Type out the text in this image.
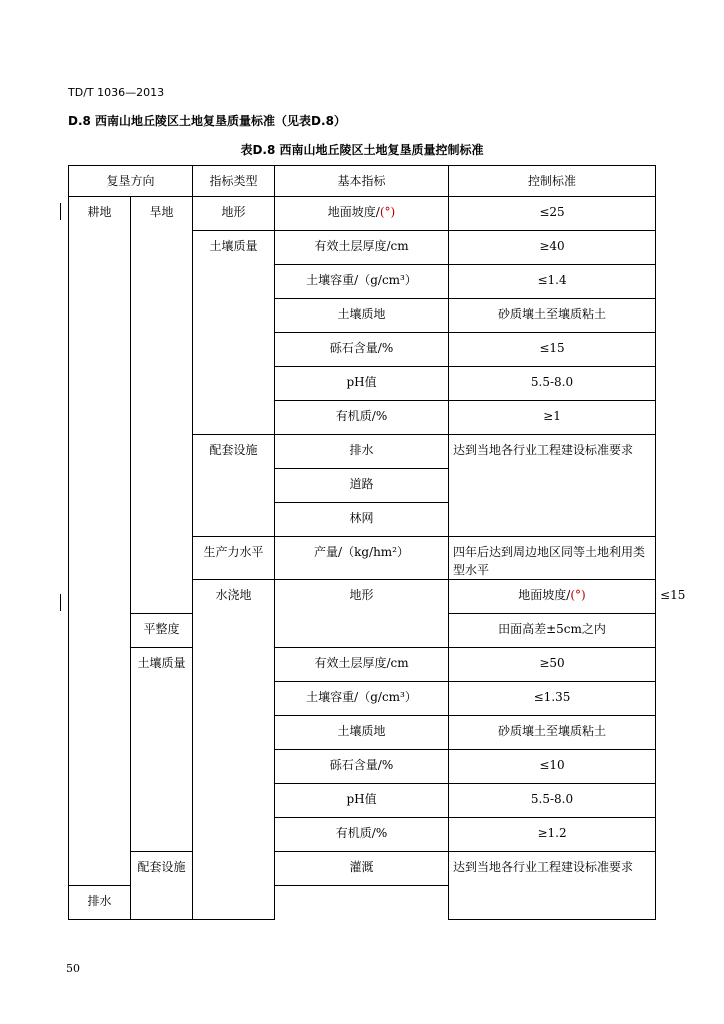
TD/T 1036—2013
D.8 西南山地丘陵区土地复垦质量标准（见表D.8）
表D.8 西南山地丘陵区土地复垦质量控制标准
复垦方向		指标类型	基本指标	控制标准	
耕地	旱地	地形	地面坡度/(°)	≤25	
		土壤质量	有效土层厚度/cm	≥40	
			土壤容重/（g/cm³）	≤1.4	
			土壤质地	砂质壤土至壤质粘土	
			砾石含量/%	≤15	
			pH值	5.5-8.0	
			有机质/%	≥1	
		配套设施	排水	达到当地各行业工程建设标准要求	
			道路		
			林网		
		生产力水平	产量/（kg/hm²）	四年后达到周边地区同等土地利用类型水平	
		水浇地	地形	地面坡度/(°)	≤15
	平整度			田面高差±5cm之内	
	土壤质量		有效土层厚度/cm	≥50	
			土壤容重/（g/cm³）	≤1.35	
			土壤质地	砂质壤土至壤质粘土	
			砾石含量/%	≤10	
			pH值	5.5-8.0	
			有机质/%	≥1.2	
	配套设施		灌溉	达到当地各行业工程建设标准要求	
排水					
50
